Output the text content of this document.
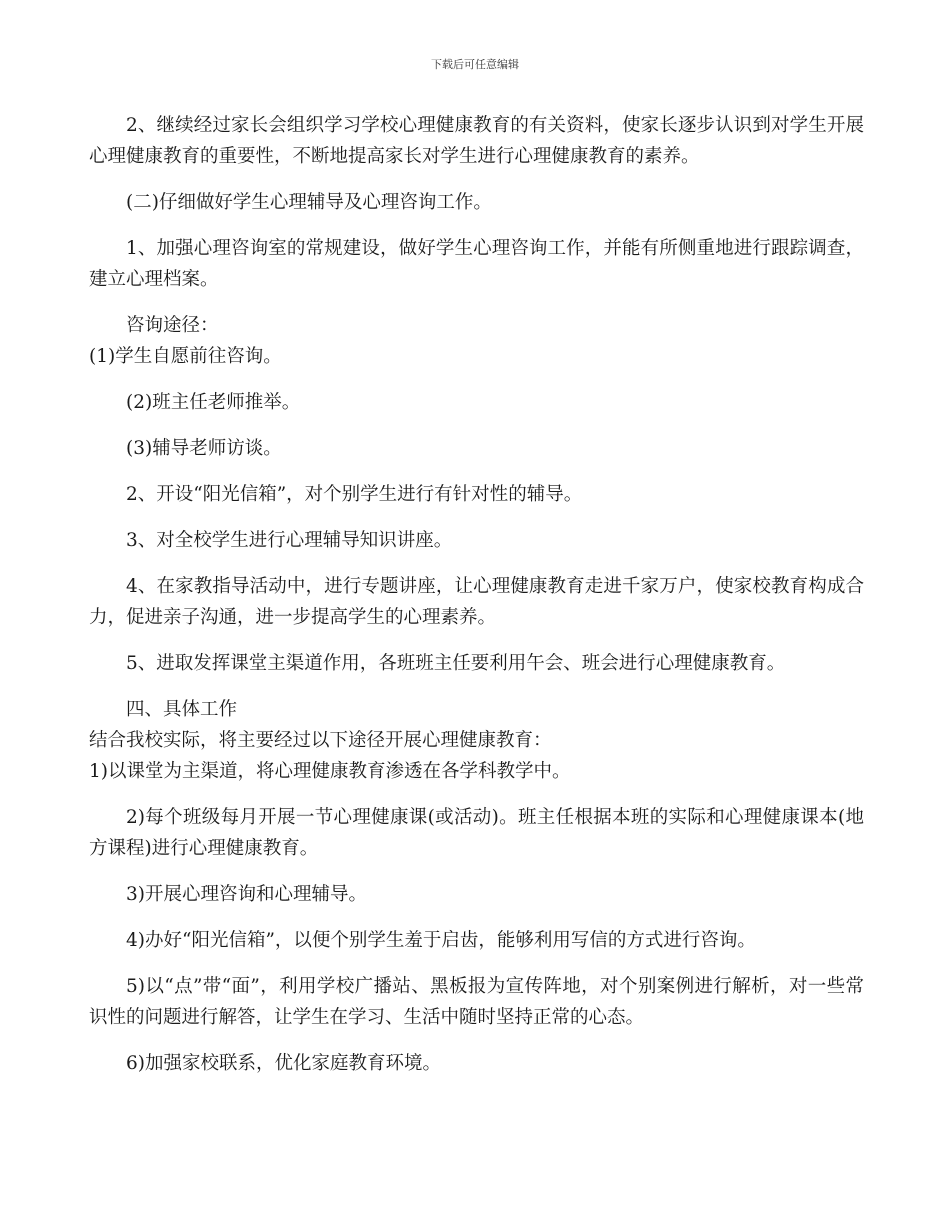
下载后可任意编辑

2、继续经过家长会组织学习学校心理健康教育的有关资料，使家长逐步认识到对学生开展心理健康教育的重要性，不断地提高家长对学生进行心理健康教育的素养。

(二)仔细做好学生心理辅导及心理咨询工作。

1、加强心理咨询室的常规建设，做好学生心理咨询工作，并能有所侧重地进行跟踪调查，建立心理档案。

咨询途径：

(1)学生自愿前往咨询。

(2)班主任老师推举。

(3)辅导老师访谈。

2、开设“阳光信箱”，对个别学生进行有针对性的辅导。

3、对全校学生进行心理辅导知识讲座。

4、在家教指导活动中，进行专题讲座，让心理健康教育走进千家万户，使家校教育构成合力，促进亲子沟通，进一步提高学生的心理素养。

5、进取发挥课堂主渠道作用，各班班主任要利用午会、班会进行心理健康教育。

四、具体工作

结合我校实际，将主要经过以下途径开展心理健康教育：

1)以课堂为主渠道，将心理健康教育渗透在各学科教学中。

2)每个班级每月开展一节心理健康课(或活动)。班主任根据本班的实际和心理健康课本(地方课程)进行心理健康教育。

3)开展心理咨询和心理辅导。

4)办好“阳光信箱”，以便个别学生羞于启齿，能够利用写信的方式进行咨询。

5)以“点”带“面”，利用学校广播站、黑板报为宣传阵地，对个别案例进行解析，对一些常识性的问题进行解答，让学生在学习、生活中随时坚持正常的心态。

6)加强家校联系，优化家庭教育环境。
